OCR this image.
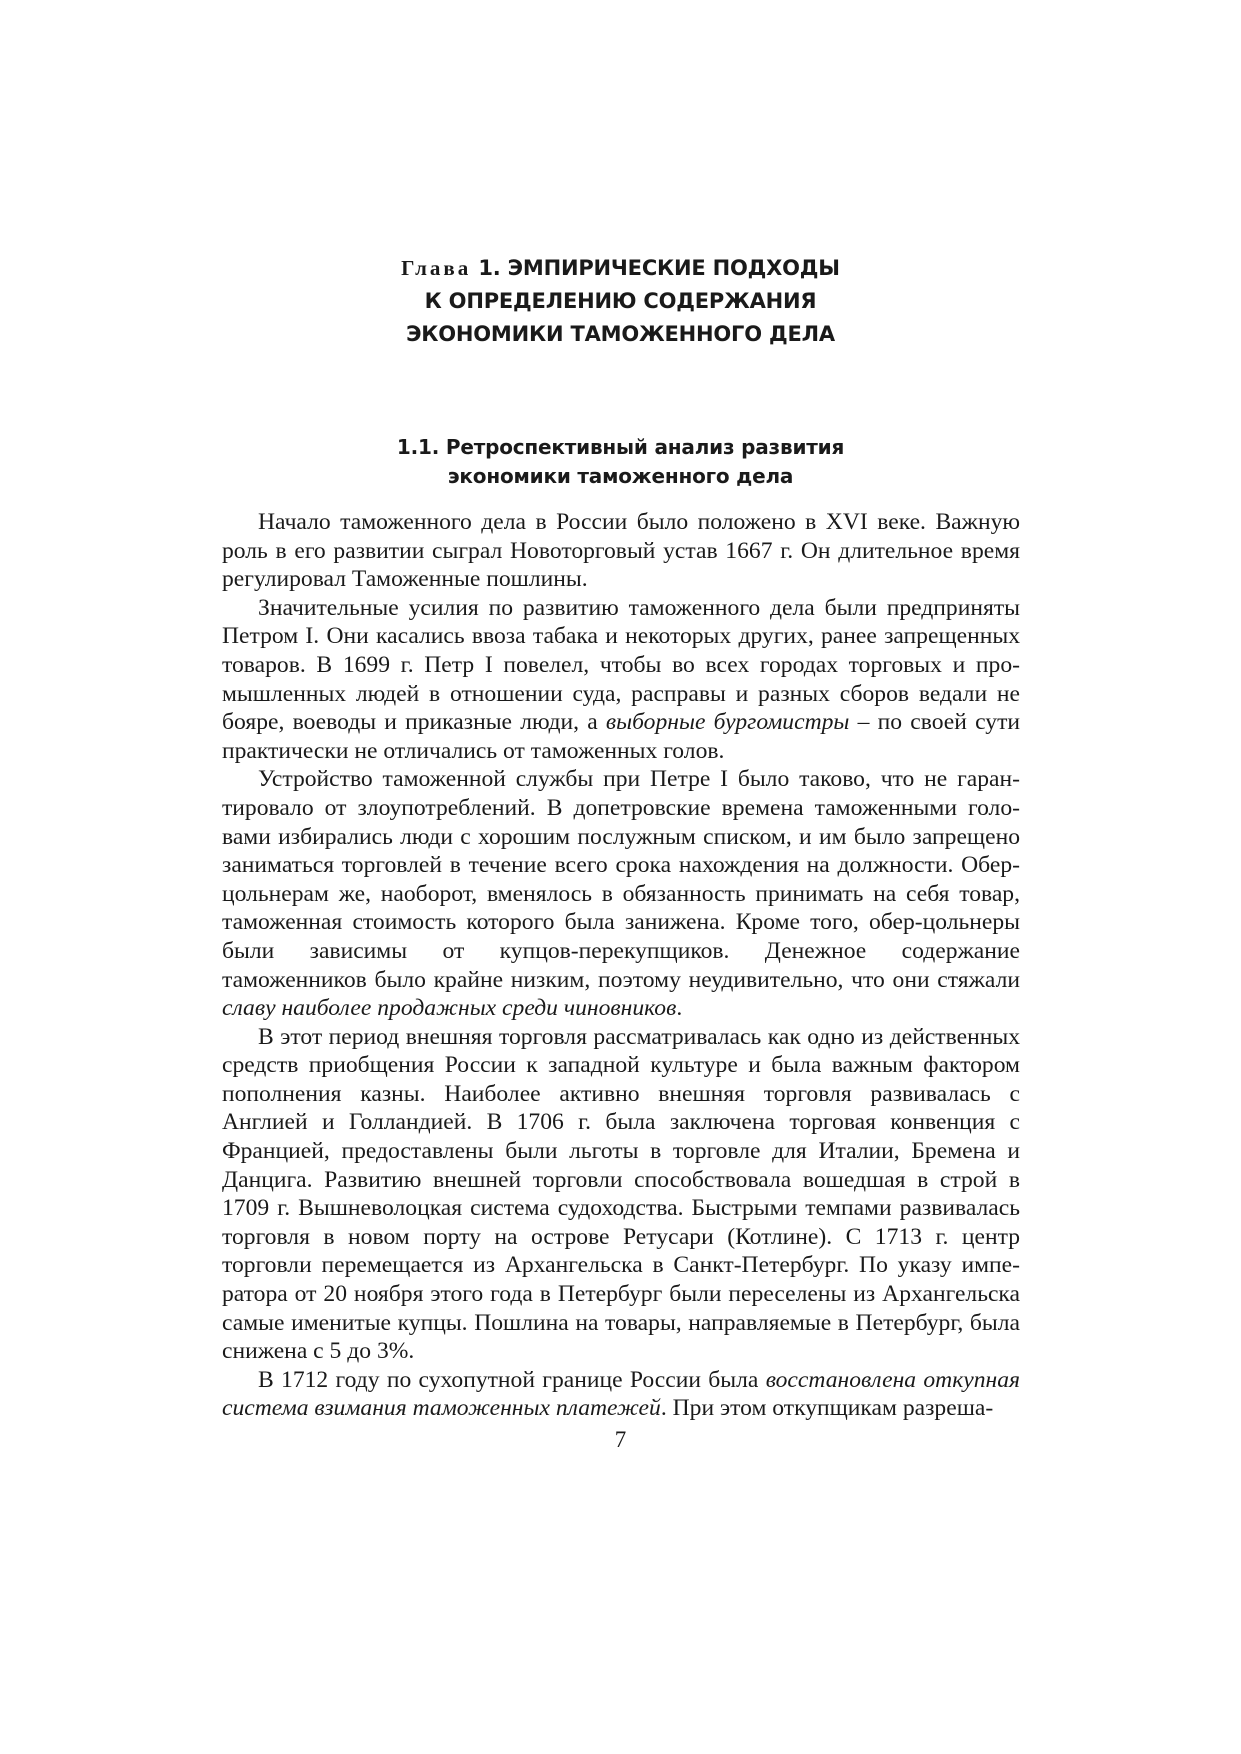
Глава 1. ЭМПИРИЧЕСКИЕ ПОДХОДЫ
К ОПРЕДЕЛЕНИЮ СОДЕРЖАНИЯ
ЭКОНОМИКИ ТАМОЖЕННОГО ДЕЛА
1.1. Ретроспективный анализ развития
экономики таможенного дела

Начало таможенного дела в России было положено в XVI веке. Важную роль в его развитии сыграл Новоторговый устав 1667 г. Он длительное время регулировал Таможенные пошлины.

Значительные усилия по развитию таможенного дела были предприняты Петром I. Они касались ввоза табака и некоторых других, ранее запрещенных товаров. В 1699 г. Петр I повелел, чтобы во всех городах торговых и промышленных людей в отношении суда, расправы и разных сборов ведали не бояре, воеводы и приказные люди, а выборные бургомистры – по своей сути практически не отличались от таможенных голов.

Устройство таможенной службы при Петре I было таково, что не гарантировало от злоупотреблений. В допетровские времена таможенными головами избирались люди с хорошим послужным списком, и им было запрещено заниматься торговлей в течение всего срока нахождения на должности. Обер-цольнерам же, наоборот, вменялось в обязанность принимать на себя товар, таможенная стоимость которого была занижена. Кроме того, обер-цольнеры были зависимы от купцов-перекупщиков. Денежное содержание таможенников было крайне низким, поэтому неудивительно, что они стяжали славу наиболее продажных среди чиновников.

В этот период внешняя торговля рассматривалась как одно из действенных средств приобщения России к западной культуре и была важным фактором пополнения казны. Наиболее активно внешняя торговля развивалась с Англией и Голландией. В 1706 г. была заключена торговая конвенция с Францией, предоставлены были льготы в торговле для Италии, Бремена и Данцига. Развитию внешней торговли способствовала вошедшая в строй в 1709 г. Вышневолоцкая система судоходства. Быстрыми темпами развивалась торговля в новом порту на острове Ретусари (Котлине). С 1713 г. центр торговли перемещается из Архангельска в Санкт-Петербург. По указу императора от 20 ноября этого года в Петербург были переселены из Архангельска самые именитые купцы. Пошлина на товары, направляемые в Петербург, была снижена с 5 до 3%.

В 1712 году по сухопутной границе России была восстановлена откупная система взимания таможенных платежей. При этом откупщикам разреша-

7
